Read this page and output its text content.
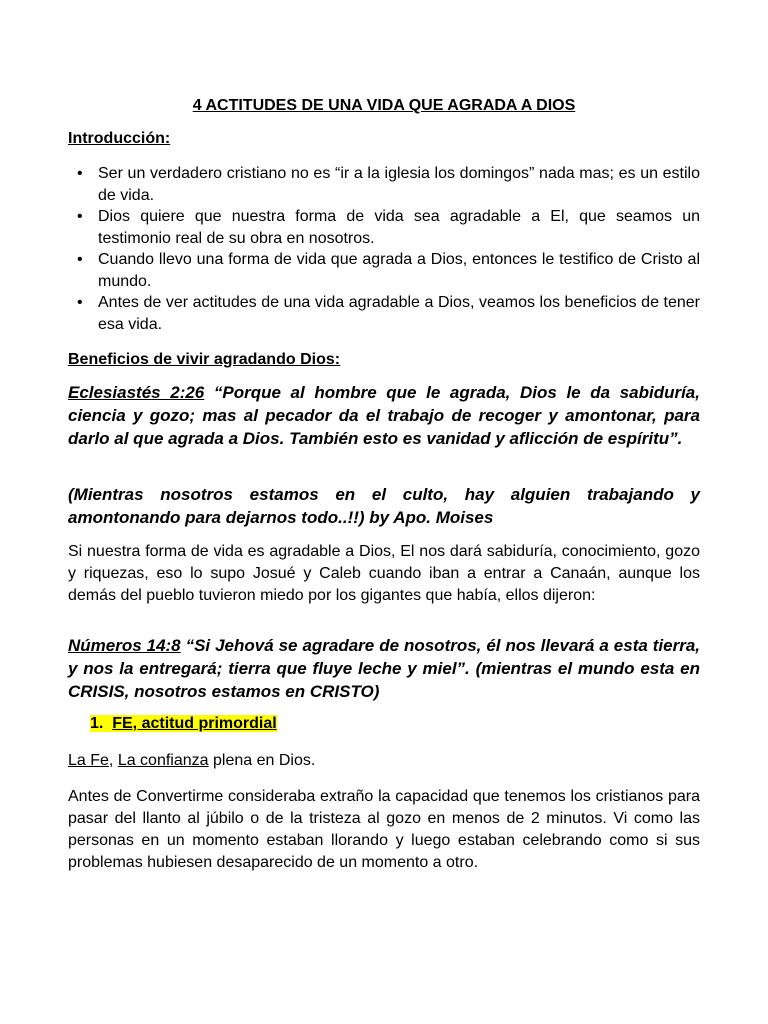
4 ACTITUDES DE UNA VIDA QUE AGRADA A DIOS
Introducción:
• Ser un verdadero cristiano no es “ir a la iglesia los domingos” nada mas; es un estilo de vida.
• Dios quiere que nuestra forma de vida sea agradable a El, que seamos un testimonio real de su obra en nosotros.
• Cuando llevo una forma de vida que agrada a Dios, entonces le testifico de Cristo al mundo.
• Antes de ver actitudes de una vida agradable a Dios, veamos los beneficios de tener esa vida.
Beneficios de vivir agradando Dios:
Eclesiastés 2:26 “Porque al hombre que le agrada, Dios le da sabiduría, ciencia y gozo; mas al pecador da el trabajo de recoger y amontonar, para darlo al que agrada a Dios. También esto es vanidad y aflicción de espíritu”.
(Mientras nosotros estamos en el culto, hay alguien trabajando y amontonando para dejarnos todo..!!) by Apo. Moises
Si nuestra forma de vida es agradable a Dios, El nos dará sabiduría, conocimiento, gozo y riquezas, eso lo supo Josué y Caleb cuando iban a entrar a Canaán, aunque los demás del pueblo tuvieron miedo por los gigantes que había, ellos dijeron:
Números 14:8 “Si Jehová se agradare de nosotros, él nos llevará a esta tierra, y nos la entregará; tierra que fluye leche y miel”. (mientras el mundo esta en CRISIS, nosotros estamos en CRISTO)
1. FE, actitud primordial
La Fe, La confianza plena en Dios.
Antes de Convertirme consideraba extraño la capacidad que tenemos los cristianos para pasar del llanto al júbilo o de la tristeza al gozo en menos de 2 minutos. Vi como las personas en un momento estaban llorando y luego estaban celebrando como si sus problemas hubiesen desaparecido de un momento a otro.
